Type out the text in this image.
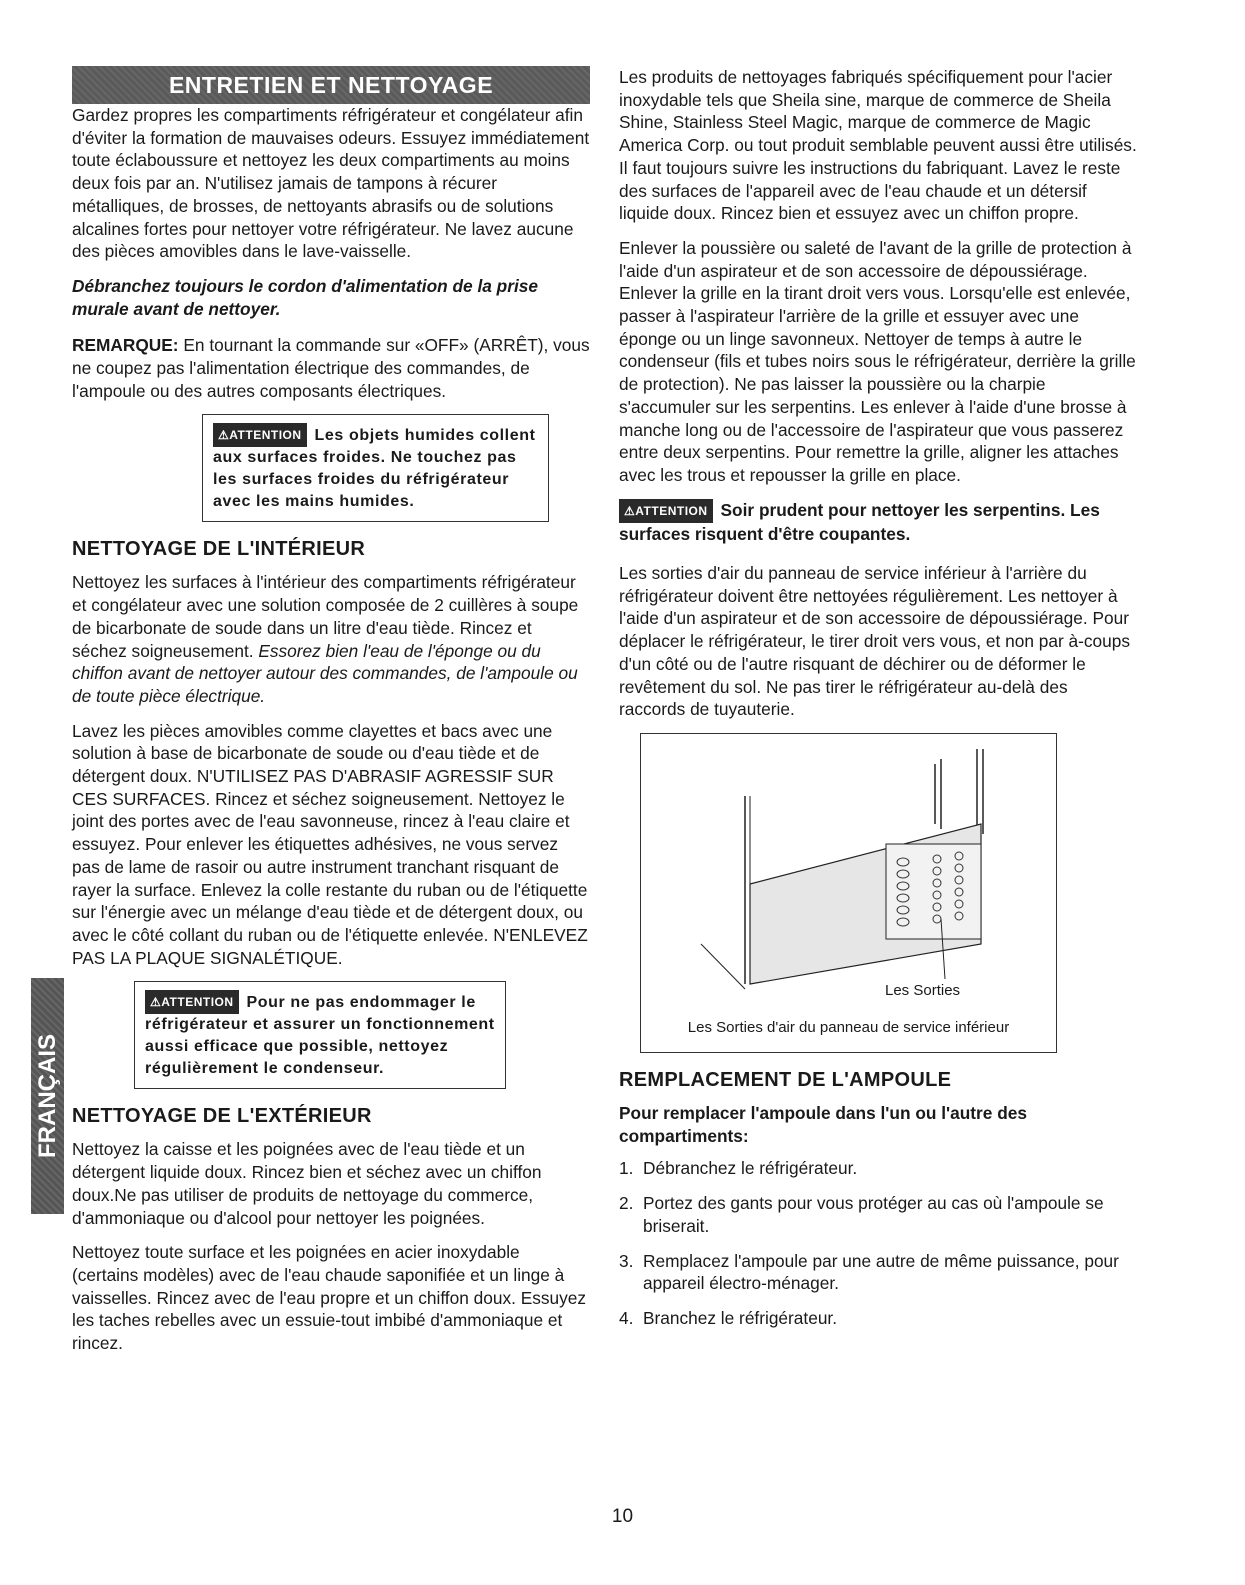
ENTRETIEN ET NETTOYAGE

Gardez propres les compartiments réfrigérateur et congélateur afin d'éviter la formation de mauvaises odeurs. Essuyez immédiatement toute éclaboussure et nettoyez les deux compartiments au moins deux fois par an. N'utilisez jamais de tampons à récurer métalliques, de brosses, de nettoyants abrasifs ou de solutions alcalines fortes pour nettoyer votre réfrigérateur. Ne lavez aucune des pièces amovibles dans le lave-vaisselle.

Débranchez toujours le cordon d'alimentation de la prise murale avant de nettoyer.

REMARQUE: En tournant la commande sur «OFF» (ARRÊT), vous ne coupez pas l'alimentation électrique des commandes, de l'ampoule ou des autres composants électriques.

⚠ATTENTION Les objets humides collent aux surfaces froides. Ne touchez pas les surfaces froides du réfrigérateur avec les mains humides.
NETTOYAGE DE L'INTÉRIEUR

Nettoyez les surfaces à l'intérieur des compartiments réfrigérateur et congélateur avec une solution composée de 2 cuillères à soupe de bicarbonate de soude dans un litre d'eau tiède. Rincez et séchez soigneusement. Essorez bien l'eau de l'éponge ou du chiffon avant de nettoyer autour des commandes, de l'ampoule ou de toute pièce électrique.

Lavez les pièces amovibles comme clayettes et bacs avec une solution à base de bicarbonate de soude ou d'eau tiède et de détergent doux. N'UTILISEZ PAS D'ABRASIF AGRESSIF SUR CES SURFACES. Rincez et séchez soigneusement. Nettoyez le joint des portes avec de l'eau savonneuse, rincez à l'eau claire et essuyez. Pour enlever les étiquettes adhésives, ne vous servez pas de lame de rasoir ou autre instrument tranchant risquant de rayer la surface. Enlevez la colle restante du ruban ou de l'étiquette sur l'énergie avec un mélange d'eau tiède et de détergent doux, ou avec le côté collant du ruban ou de l'étiquette enlevée. N'ENLEVEZ PAS LA PLAQUE SIGNALÉTIQUE.

⚠ATTENTION Pour ne pas endommager le réfrigérateur et assurer un fonctionnement aussi efficace que possible, nettoyez régulièrement le condenseur.
NETTOYAGE DE L'EXTÉRIEUR

Nettoyez la caisse et les poignées avec de l'eau tiède et un détergent liquide doux. Rincez bien et séchez avec un chiffon doux.Ne pas utiliser de produits de nettoyage du commerce, d'ammoniaque ou d'alcool pour nettoyer les poignées.

Nettoyez toute surface et les poignées en acier inoxydable (certains modèles) avec de l'eau chaude saponifiée et un linge à vaisselles. Rincez avec de l'eau propre et un chiffon doux. Essuyez les taches rebelles avec un essuie-tout imbibé d'ammoniaque et rincez.

Les produits de nettoyages fabriqués spécifiquement pour l'acier inoxydable tels que Sheila sine, marque de commerce de Sheila Shine, Stainless Steel Magic, marque de commerce de Magic America Corp. ou tout produit semblable peuvent aussi être utilisés. Il faut toujours suivre les instructions du fabriquant. Lavez le reste des surfaces de l'appareil avec de l'eau chaude et un détersif liquide doux. Rincez bien et essuyez avec un chiffon propre.

Enlever la poussière ou saleté de l'avant de la grille de protection à l'aide d'un aspirateur et de son accessoire de dépoussiérage. Enlever la grille en la tirant droit vers vous. Lorsqu'elle est enlevée, passer à l'aspirateur l'arrière de la grille et essuyer avec une éponge ou un linge savonneux. Nettoyer de temps à autre le condenseur (fils et tubes noirs sous le réfrigérateur, derrière la grille de protection). Ne pas laisser la poussière ou la charpie s'accumuler sur les serpentins. Les enlever à l'aide d'une brosse à manche long ou de l'accessoire de l'aspirateur que vous passerez entre deux serpentins. Pour remettre la grille, aligner les attaches avec les trous et repousser la grille en place.

⚠ATTENTION Soir prudent pour nettoyer les serpentins. Les surfaces risquent d'être coupantes.

Les sorties d'air du panneau de service inférieur à l'arrière du réfrigérateur doivent être nettoyées régulièrement. Les nettoyer à l'aide d'un aspirateur et de son accessoire de dépoussiérage. Pour déplacer le réfrigérateur, le tirer droit vers vous, et non par à-coups d'un côté ou de l'autre risquant de déchirer ou de déformer le revêtement du sol. Ne pas tirer le réfrigérateur au-delà des raccords de tuyauterie.

Les Sorties
Les Sorties d'air du panneau de service inférieur
REMPLACEMENT DE L'AMPOULE

Pour remplacer l'ampoule dans l'un ou l'autre des compartiments:

1. Débranchez le réfrigérateur.
2. Portez des gants pour vous protéger au cas où l'ampoule se briserait.
3. Remplacez l'ampoule par une autre de même puissance, pour appareil électro-ménager.
4. Branchez le réfrigérateur.
FRANÇAIS
10
